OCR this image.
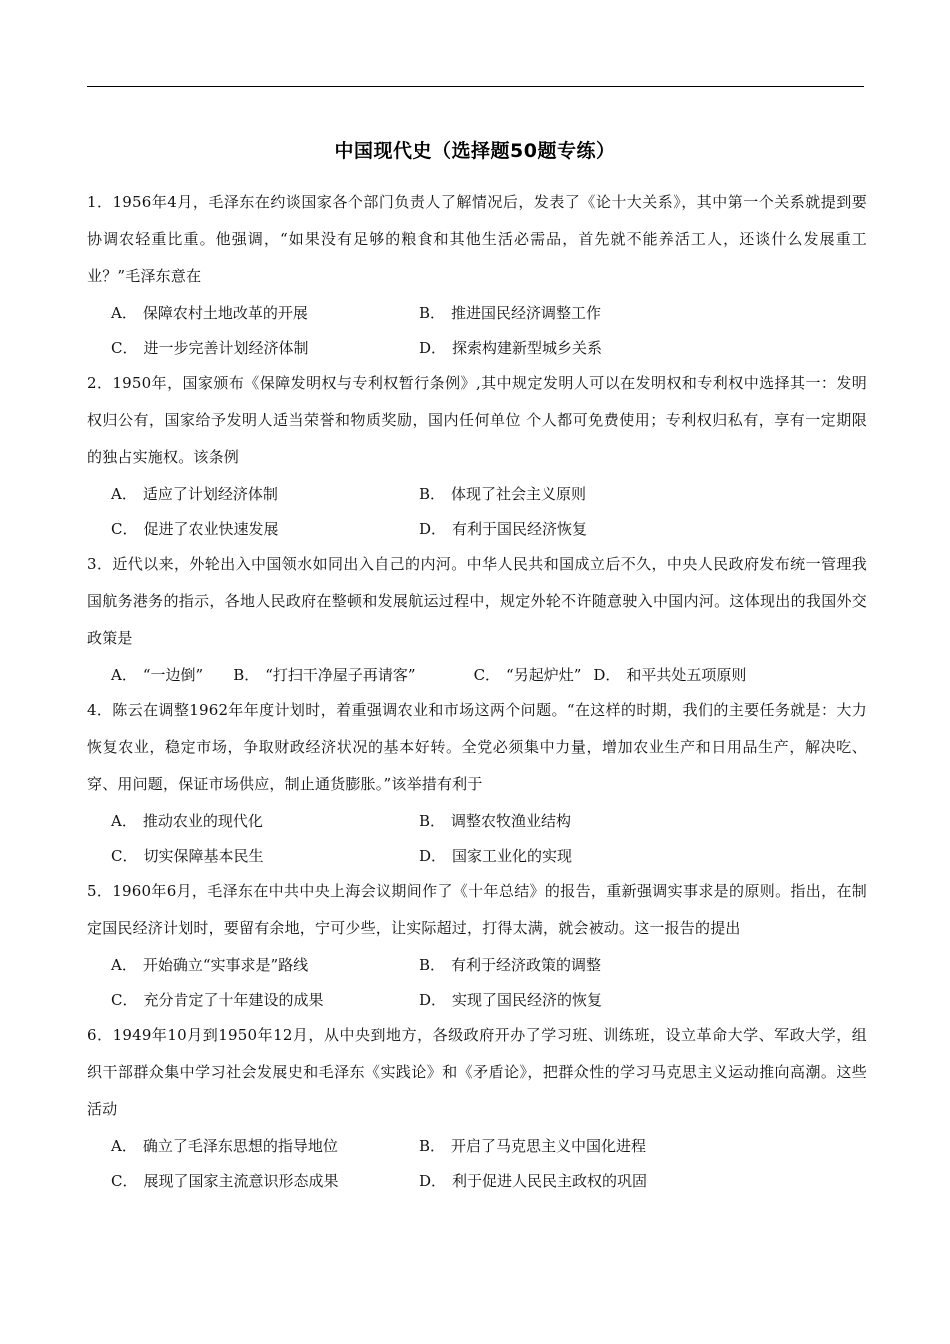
中国现代史（选择题50题专练）
1．1956年4月，毛泽东在约谈国家各个部门负责人了解情况后，发表了《论十大关系》，其中第一个关系就提到要协调农轻重比重。他强调，“如果没有足够的粮食和其他生活必需品，首先就不能养活工人，还谈什么发展重工业？”毛泽东意在
A． 保障农村土地改革的开展	B． 推进国民经济调整工作
C． 进一步完善计划经济体制	D． 探索构建新型城乡关系
2．1950年，国家颁布《保障发明权与专利权暂行条例》,其中规定发明人可以在发明权和专利权中选择其一：发明权归公有，国家给予发明人适当荣誉和物质奖励，国内任何单位 个人都可免费使用；专利权归私有，享有一定期限的独占实施权。该条例
A． 适应了计划经济体制	B． 体现了社会主义原则
C． 促进了农业快速发展	D． 有利于国民经济恢复
3．近代以来，外轮出入中国领水如同出入自己的内河。中华人民共和国成立后不久，中央人民政府发布统一管理我国航务港务的指示，各地人民政府在整顿和发展航运过程中，规定外轮不许随意驶入中国内河。这体现出的我国外交政策是
A． “一边倒” B． “打扫干净屋子再请客”	C． “另起炉灶” D． 和平共处五项原则
4．陈云在调整1962年年度计划时，着重强调农业和市场这两个问题。“在这样的时期，我们的主要任务就是：大力恢复农业，稳定市场，争取财政经济状况的基本好转。全党必须集中力量，增加农业生产和日用品生产，解决吃、穿、用问题，保证市场供应，制止通货膨胀。”该举措有利于
A． 推动农业的现代化	B． 调整农牧渔业结构
C． 切实保障基本民生	D． 国家工业化的实现
5．1960年6月，毛泽东在中共中央上海会议期间作了《十年总结》的报告，重新强调实事求是的原则。指出，在制定国民经济计划时，要留有余地，宁可少些，让实际超过，打得太满，就会被动。这一报告的提出
A． 开始确立“实事求是”路线	B． 有利于经济政策的调整
C． 充分肯定了十年建设的成果	D． 实现了国民经济的恢复
6．1949年10月到1950年12月，从中央到地方，各级政府开办了学习班、训练班，设立革命大学、军政大学，组织干部群众集中学习社会发展史和毛泽东《实践论》和《矛盾论》，把群众性的学习马克思主义运动推向高潮。这些活动
A． 确立了毛泽东思想的指导地位	B． 开启了马克思主义中国化进程
C． 展现了国家主流意识形态成果	D． 利于促进人民民主政权的巩固
